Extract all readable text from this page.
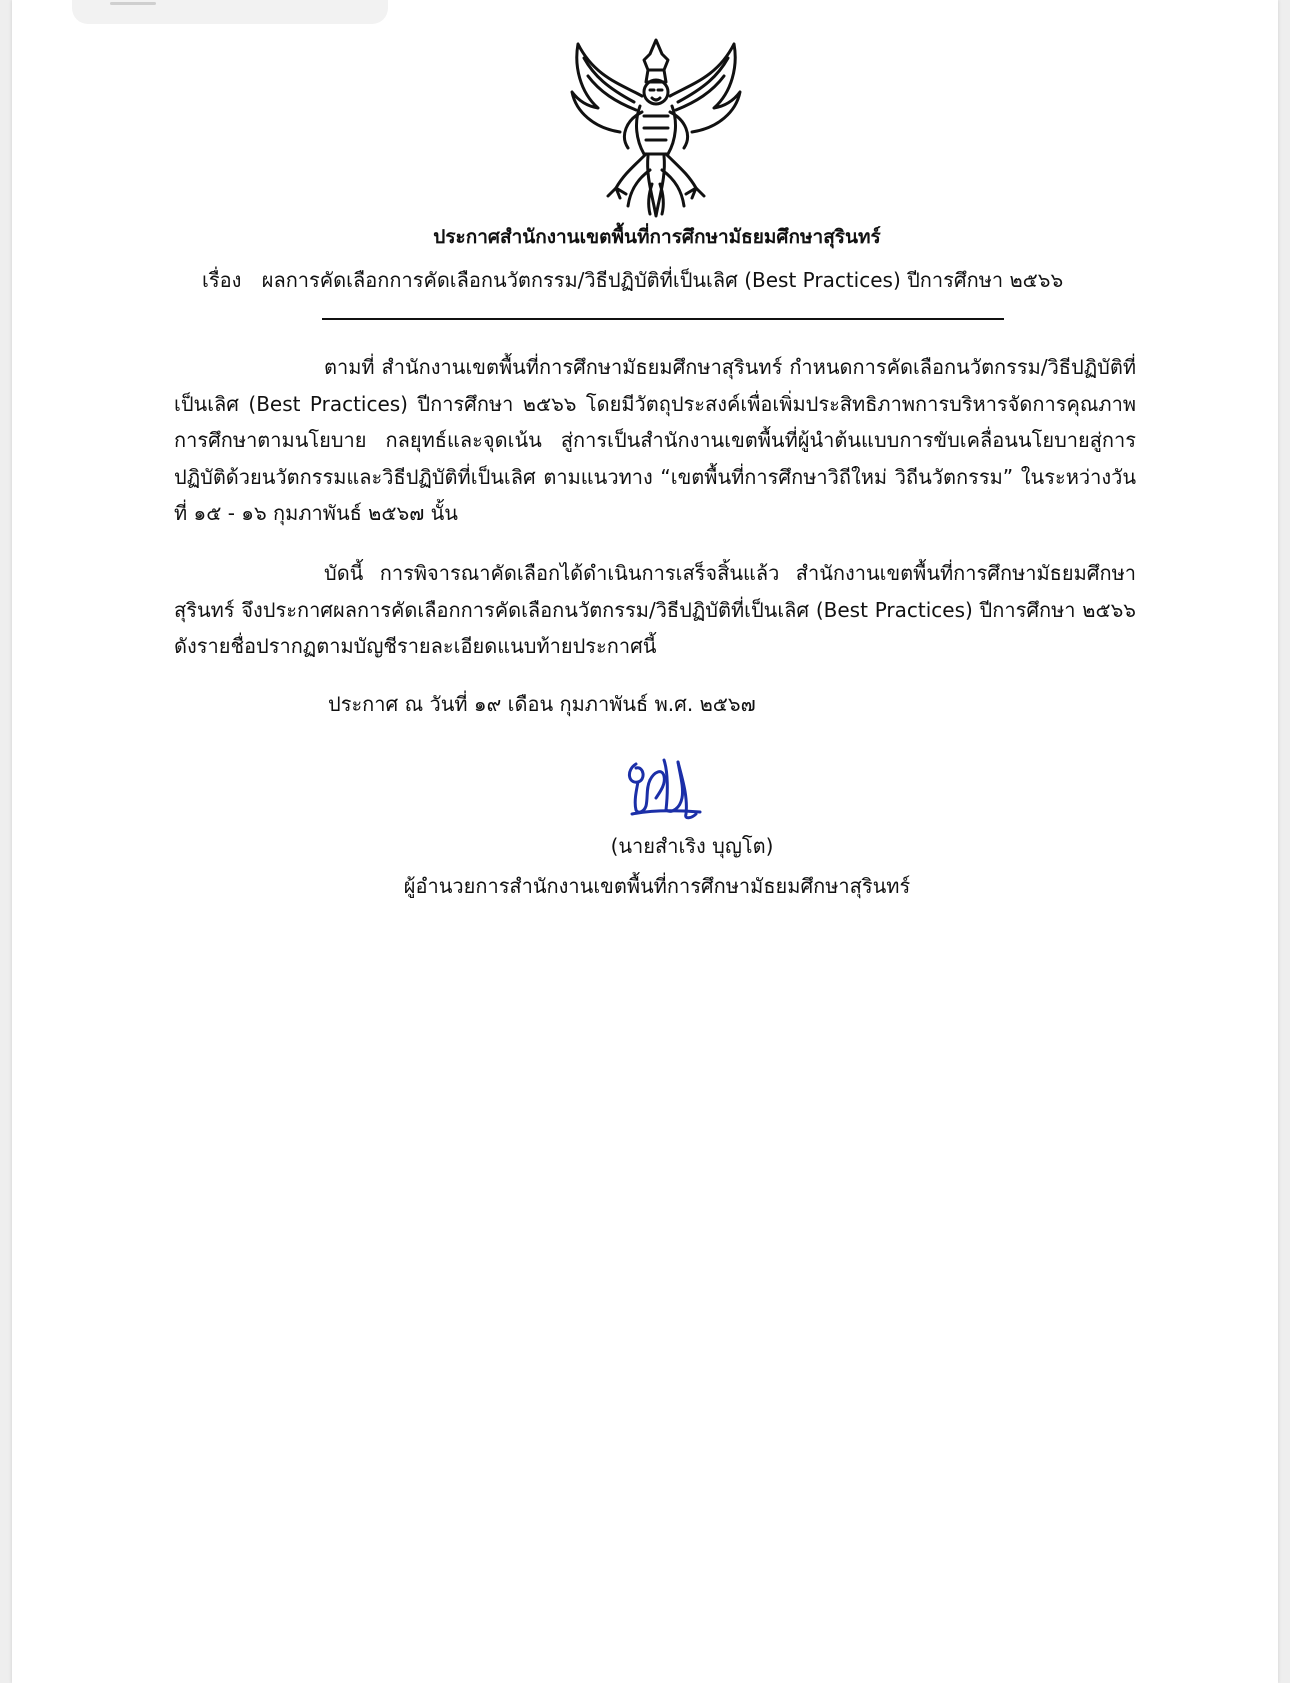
ประกาศสำนักงานเขตพื้นที่การศึกษามัธยมศึกษาสุรินทร์
เรื่อง ผลการคัดเลือกการคัดเลือกนวัตกรรม/วิธีปฏิบัติที่เป็นเลิศ (Best Practices) ปีการศึกษา ๒๕๖๖

ตามที่ สำนักงานเขตพื้นที่การศึกษามัธยมศึกษาสุรินทร์ กำหนดการคัดเลือกนวัตกรรม/วิธีปฏิบัติที่เป็นเลิศ (Best Practices) ปีการศึกษา ๒๕๖๖ โดยมีวัตถุประสงค์เพื่อเพิ่มประสิทธิภาพการบริหารจัดการคุณภาพการศึกษาตามนโยบาย กลยุทธ์และจุดเน้น สู่การเป็นสำนักงานเขตพื้นที่ผู้นำต้นแบบการขับเคลื่อนนโยบายสู่การปฏิบัติด้วยนวัตกรรมและวิธีปฏิบัติที่เป็นเลิศ ตามแนวทาง “เขตพื้นที่การศึกษาวิถีใหม่ วิถีนวัตกรรม” ในระหว่างวันที่ ๑๕ - ๑๖ กุมภาพันธ์ ๒๕๖๗ นั้น

บัดนี้ การพิจารณาคัดเลือกได้ดำเนินการเสร็จสิ้นแล้ว สำนักงานเขตพื้นที่การศึกษามัธยมศึกษาสุรินทร์ จึงประกาศผลการคัดเลือกการคัดเลือกนวัตกรรม/วิธีปฏิบัติที่เป็นเลิศ (Best Practices) ปีการศึกษา ๒๕๖๖ ดังรายชื่อปรากฏตามบัญชีรายละเอียดแนบท้ายประกาศนี้

ประกาศ ณ วันที่ ๑๙ เดือน กุมภาพันธ์ พ.ศ. ๒๕๖๗
(นายสำเริง บุญโต)
ผู้อำนวยการสำนักงานเขตพื้นที่การศึกษามัธยมศึกษาสุรินทร์
